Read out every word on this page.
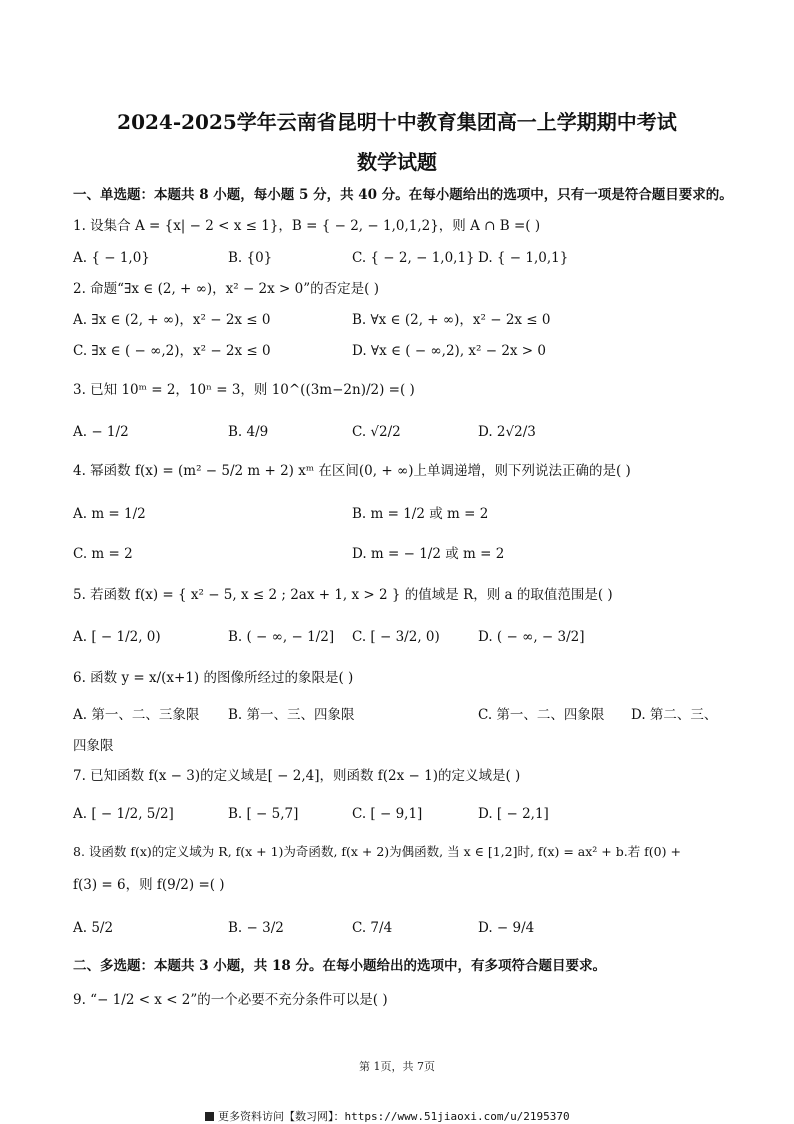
2024-2025学年云南省昆明十中教育集团高一上学期期中考试
数学试题
一、单选题：本题共 8 小题，每小题 5 分，共 40 分。在每小题给出的选项中，只有一项是符合题目要求的。
1. 设集合 A = {x| − 2 < x ≤ 1}，B = { − 2, − 1,0,1,2}，则 A ∩ B =( )
A. { − 1,0}	B. {0}	C. { − 2, − 1,0,1} D. { − 1,0,1}
2. 命题“∃x ∈ (2, + ∞)，x² − 2x > 0”的否定是( )
A. ∃x ∈ (2, + ∞)，x² − 2x ≤ 0	B. ∀x ∈ (2, + ∞)，x² − 2x ≤ 0
C. ∃x ∈ ( − ∞,2)，x² − 2x ≤ 0	D. ∀x ∈ ( − ∞,2), x² − 2x > 0
3. 已知 10ᵐ = 2，10ⁿ = 3，则 10^((3m−2n)/2) =( )
A. − 1/2	B. 4/9	C. √2/2	D. 2√2/3
4. 幂函数 f(x) = (m² − 5/2 m + 2) xᵐ 在区间(0, + ∞)上单调递增，则下列说法正确的是( )
A. m = 1/2	B. m = 1/2 或 m = 2
C. m = 2	D. m = − 1/2 或 m = 2
5. 若函数 f(x) = { x² − 5, x ≤ 2 ; 2ax + 1, x > 2 } 的值域是 R，则 a 的取值范围是( )
A. [ − 1/2, 0)	B. ( − ∞, − 1/2] C. [ − 3/2, 0)	D. ( − ∞, − 3/2]
6. 函数 y = x/(x+1) 的图像所经过的象限是( )
A. 第一、二、三象限 B. 第一、三、四象限	C. 第一、二、四象限 D. 第二、三、
四象限
7. 已知函数 f(x − 3)的定义域是[ − 2,4]，则函数 f(2x − 1)的定义域是( )
A. [ − 1/2, 5/2]	B. [ − 5,7]	C. [ − 9,1]	D. [ − 2,1]
8. 设函数 f(x)的定义域为 R, f(x + 1)为奇函数, f(x + 2)为偶函数, 当 x ∈ [1,2]时, f(x) = ax² + b.若 f(0) +
f(3) = 6，则 f(9/2) =( )
A. 5/2	B. − 3/2	C. 7/4	D. − 9/4
二、多选题：本题共 3 小题，共 18 分。在每小题给出的选项中，有多项符合题目要求。
9. “− 1/2 < x < 2”的一个必要不充分条件可以是( )
第 1页，共 7页
更多资料访问【数习网】：https://www.51jiaoxi.com/u/2195370
